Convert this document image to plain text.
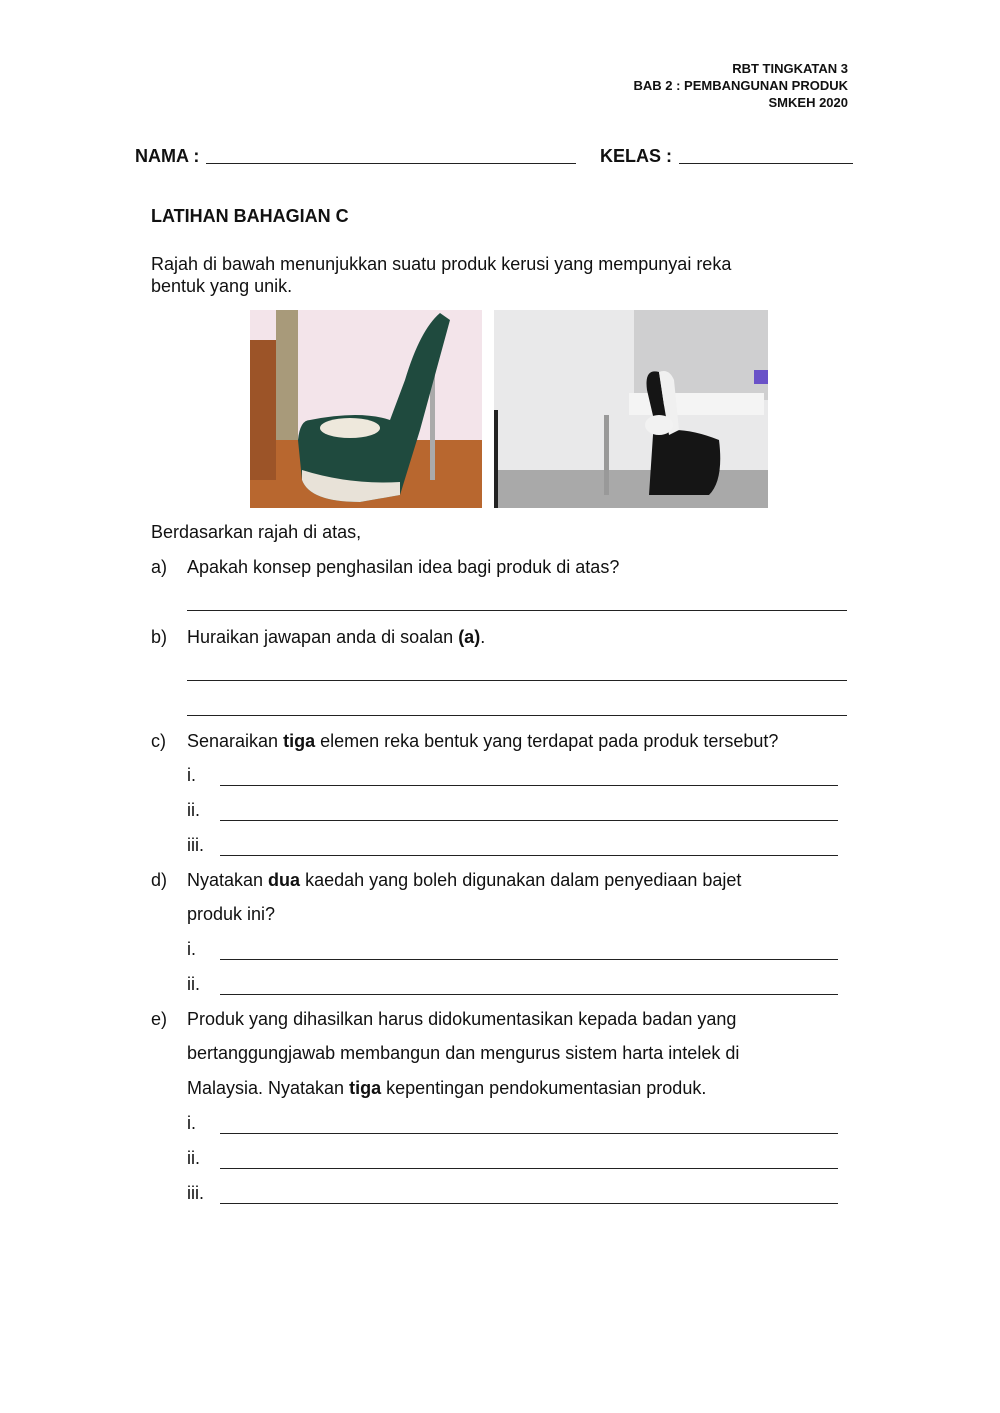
RBT TINGKATAN 3
BAB 2 : PEMBANGUNAN PRODUK
SMKEH 2020
NAMA :	KELAS :
LATIHAN BAHAGIAN C
Rajah di bawah menunjukkan suatu produk kerusi yang mempunyai reka
bentuk yang unik.
Berdasarkan rajah di atas,
a) Apakah konsep penghasilan idea bagi produk di atas?
b) Huraikan jawapan anda di soalan (a).
c) Senaraikan tiga elemen reka bentuk yang terdapat pada produk tersebut?
i.
ii.
iii.
d) Nyatakan dua kaedah yang boleh digunakan dalam penyediaan bajet
produk ini?
i.
ii.
e) Produk yang dihasilkan harus didokumentasikan kepada badan yang
bertanggungjawab membangun dan mengurus sistem harta intelek di
Malaysia. Nyatakan tiga kepentingan pendokumentasian produk.
i.
ii.
iii.
